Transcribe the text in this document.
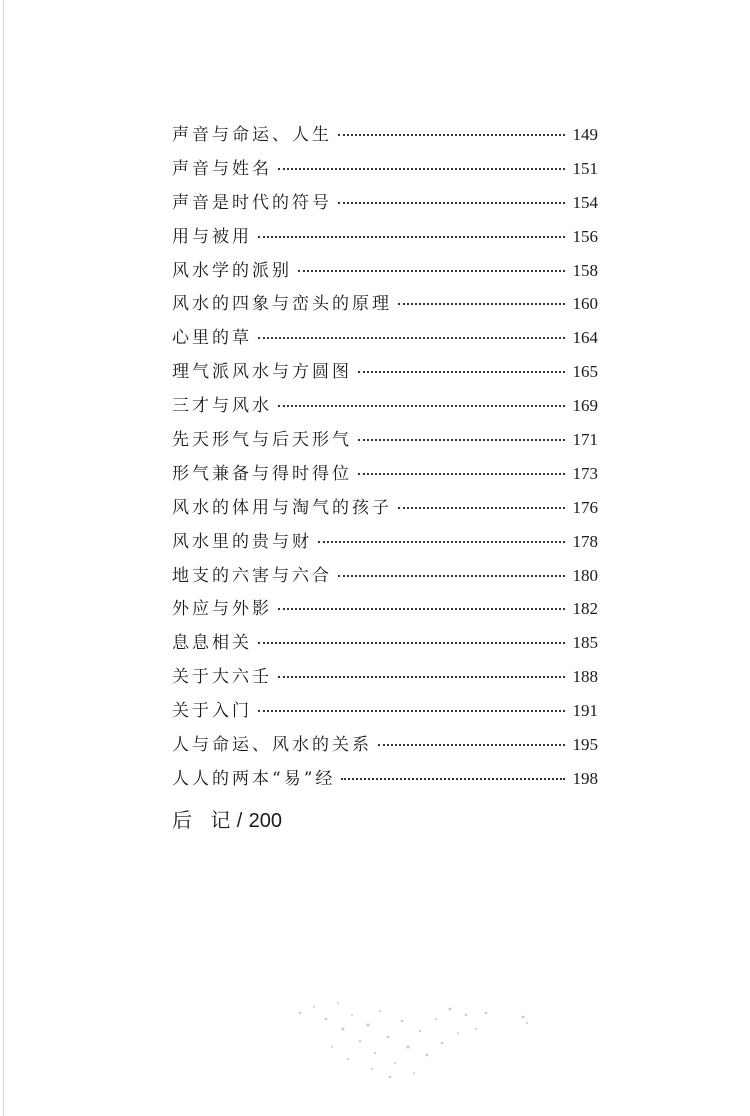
声音与命运、人生	149
声音与姓名	151
声音是时代的符号	154
用与被用	156
风水学的派别	158
风水的四象与峦头的原理	160
心里的草	164
理气派风水与方圆图	165
三才与风水	169
先天形气与后天形气	171
形气兼备与得时得位	173
风水的体用与淘气的孩子	176
风水里的贵与财	178
地支的六害与六合	180
外应与外影	182
息息相关	185
关于大六壬	188
关于入门	191
人与命运、风水的关系	195
人人的两本“易”经	198
后 记 / 200
